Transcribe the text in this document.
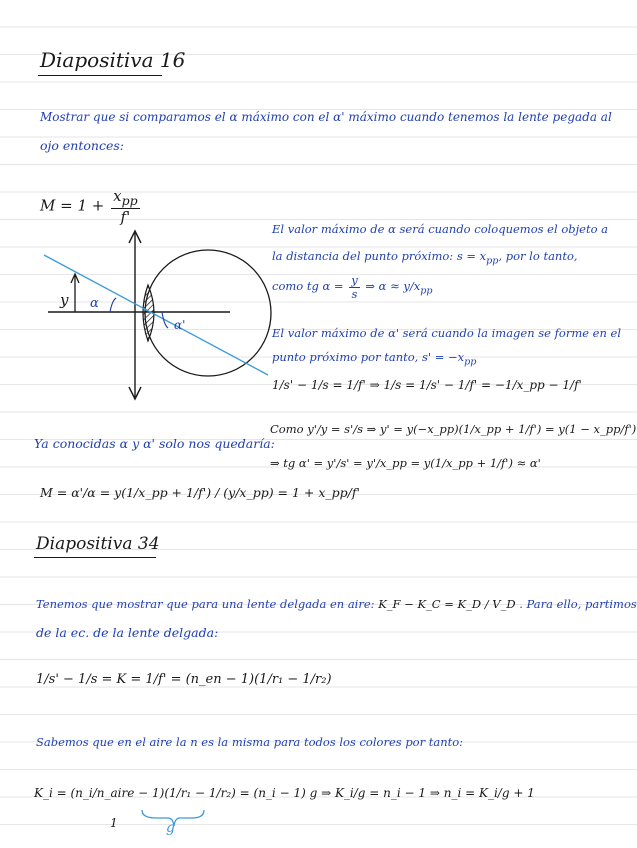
Diapositiva 16
Mostrar que si comparamos el α máximo con el α' máximo cuando tenemos la lente pegada al
ojo entonces:
$M = 1 + \frac{x_{pp}}{f'}$
y α
α'
El valor máximo de α será cuando coloquemos el objeto a
la distancia del punto próximo: $s = x_{pp}$, por lo tanto,
como tg $\alpha = \frac{y}{s}$ ⇒ $\alpha \approx y/x_{pp}$
El valor máximo de α' será cuando la imagen se forme en el
punto próximo por tanto, $s' = -x_{pp}$
1/s' − 1/s = 1/f' ⇒ 1/s = 1/s' − 1/f' = −1/x_pp − 1/f'
Como y'/y = s'/s ⇒ y' = y(−x_pp)(1/x_pp + 1/f') = y(1 − x_pp/f')
⇒ tg α' = y'/s' = y'/x_pp = y(1/x_pp + 1/f') ≈ α'
Ya conocidas α y α' solo nos quedaría:
M = α'/α = y(1/x_pp + 1/f') / (y/x_pp) = 1 + x_pp/f'
Diapositiva 34
Tenemos que mostrar que para una lente delgada en aire: K_F − K_C = K_D / V_D . Para ello, partimos
de la ec. de la lente delgada:
1/s' − 1/s = K = 1/f' = (n_en − 1)(1/r₁ − 1/r₂)
Sabemos que en el aire la n es la misma para todos los colores por tanto:
K_i = (n_i/n_aire − 1)(1/r₁ − 1/r₂) = (n_i − 1) g ⇒ K_i/g = n_i − 1 ⇒ n_i = K_i/g + 1
g
1
